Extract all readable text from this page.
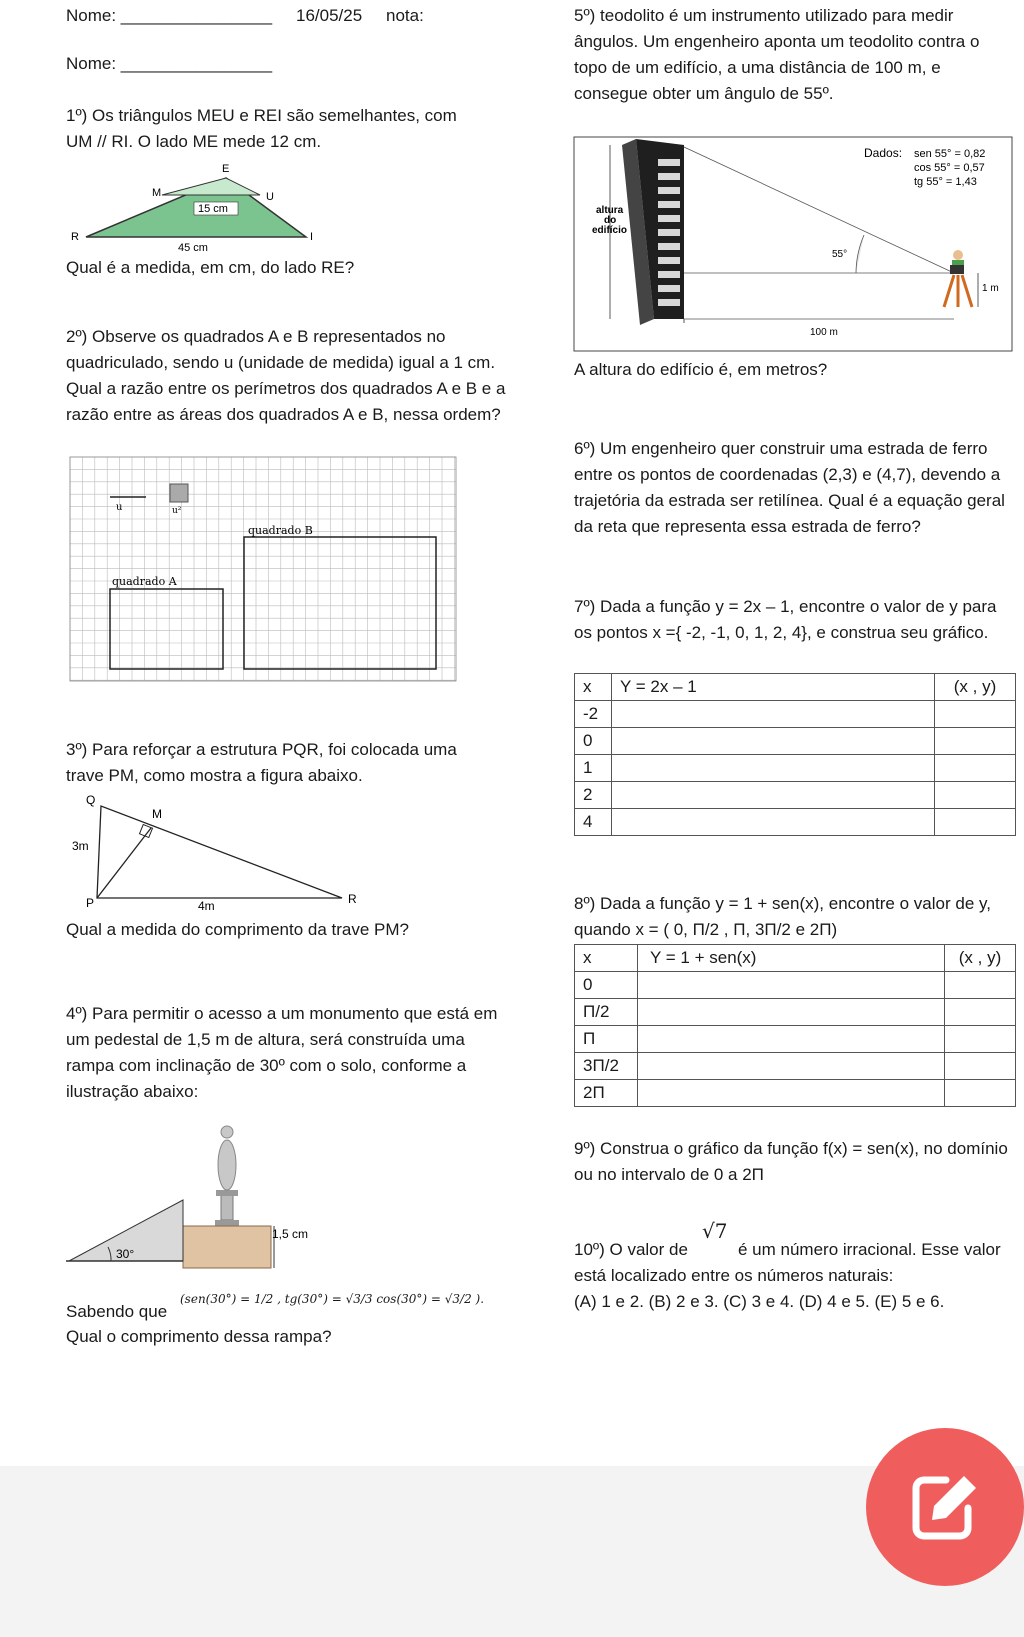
Nome: ________________ 16/05/25 nota:
Nome: ________________
1º) Os triângulos MEU e REI são semelhantes, com UM // RI. O lado ME mede 12 cm.
E
M	U
R	I
15 cm
45 cm
Qual é a medida, em cm, do lado RE?
2º) Observe os quadrados A e B representados no quadriculado, sendo u (unidade de medida) igual a 1 cm. Qual a razão entre os perímetros dos quadrados A e B e a razão entre as áreas dos quadrados A e B, nessa ordem?
u	u²
quadrado B
quadrado A
3º) Para reforçar a estrutura PQR, foi colocada uma trave PM, como mostra a figura abaixo.
Q
M
3m
P	4m	R
Qual a medida do comprimento da trave PM?
4º) Para permitir o acesso a um monumento que está em um pedestal de 1,5 m de altura, será construída uma rampa com inclinação de 30º com o solo, conforme a ilustração abaixo:
30°
1,5 cm
Sabendo que
(sen(30°) = 1/2 , tg(30°) = √3/3 cos(30°) = √3/2 ).
Qual o comprimento dessa rampa?
5º) teodolito é um instrumento utilizado para medir ângulos. Um engenheiro aponta um teodolito contra o topo de um edifício, a uma distância de 100 m, e consegue obter um ângulo de 55º.
altura
do
edifício
55°
1 m
100 m
Dados: sen 55° = 0,82
cos 55° = 0,57
tg 55° = 1,43
A altura do edifício é, em metros?
6º) Um engenheiro quer construir uma estrada de ferro entre os pontos de coordenadas (2,3) e (4,7), devendo a trajetória da estrada ser retilínea. Qual é a equação geral da reta que representa essa estrada de ferro?
7º) Dada a função y = 2x – 1, encontre o valor de y para os pontos x ={ -2, -1, 0, 1, 2, 4}, e construa seu gráfico.
x	Y = 2x – 1	(x , y)
-2		
0		
1		
2		
4		
8º) Dada a função y = 1 + sen(x), encontre o valor de y, quando x = ( 0, Π/2 , Π, 3Π/2 e 2Π)
x	Y = 1 + sen(x)	(x , y)
0		
Π/2		
Π		
3Π/2		
2Π		
9º) Construa o gráfico da função f(x) = sen(x), no domínio ou no intervalo de 0 a 2Π
10º) O valor de
√7
é um número irracional. Esse valor está localizado entre os números naturais:
(A) 1 e 2. (B) 2 e 3. (C) 3 e 4. (D) 4 e 5. (E) 5 e 6.
